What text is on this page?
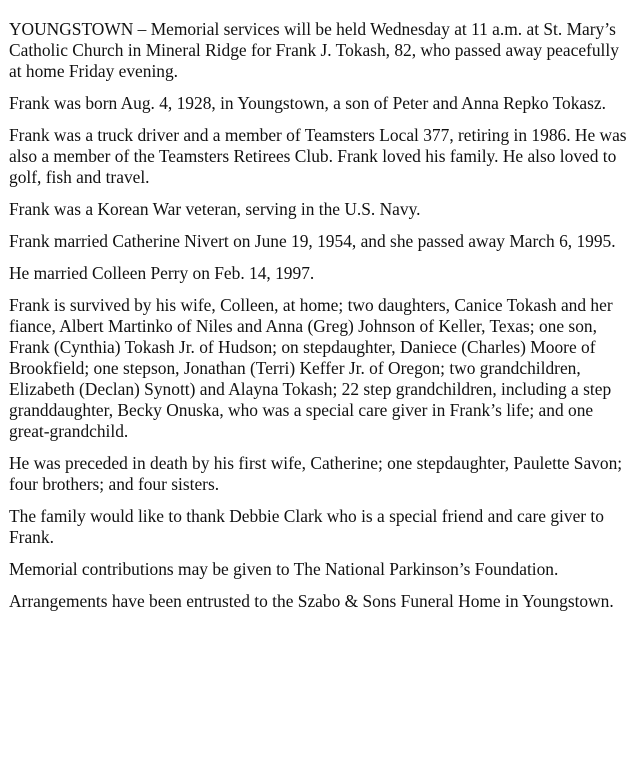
YOUNGSTOWN – Memorial services will be held Wednesday at 11 a.m. at St. Mary’s Catholic Church in Mineral Ridge for Frank J. Tokash, 82, who passed away peacefully at home Friday evening.

Frank was born Aug. 4, 1928, in Youngstown, a son of Peter and Anna Repko Tokasz.

Frank was a truck driver and a member of Teamsters Local 377, retiring in 1986. He was also a member of the Teamsters Retirees Club. Frank loved his family. He also loved to golf, fish and travel.

Frank was a Korean War veteran, serving in the U.S. Navy.

Frank married Catherine Nivert on June 19, 1954, and she passed away March 6, 1995.

He married Colleen Perry on Feb. 14, 1997.

Frank is survived by his wife, Colleen, at home; two daughters, Canice Tokash and her fiance, Albert Martinko of Niles and Anna (Greg) Johnson of Keller, Texas; one son, Frank (Cynthia) Tokash Jr. of Hudson; on stepdaughter, Daniece (Charles) Moore of Brookfield; one stepson, Jonathan (Terri) Keffer Jr. of Oregon; two grandchildren, Elizabeth (Declan) Synott) and Alayna Tokash; 22 step grandchildren, including a step granddaughter, Becky Onuska, who was a special care giver in Frank’s life; and one great-grandchild.

He was preceded in death by his first wife, Catherine; one stepdaughter, Paulette Savon; four brothers; and four sisters.

The family would like to thank Debbie Clark who is a special friend and care giver to Frank.

Memorial contributions may be given to The National Parkinson’s Foundation.

Arrangements have been entrusted to the Szabo & Sons Funeral Home in Youngstown.
